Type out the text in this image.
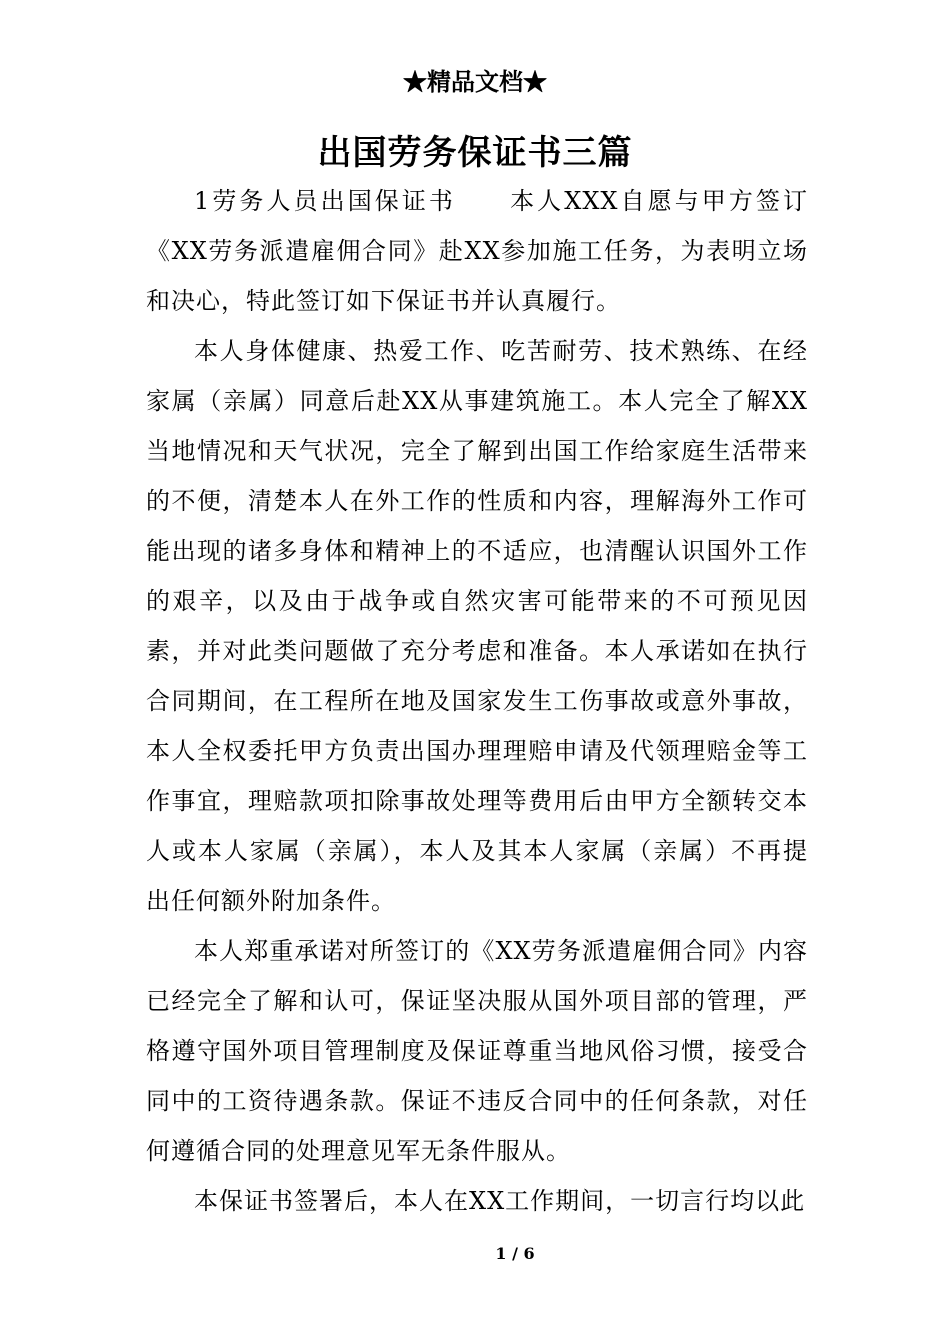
★精品文档★
出国劳务保证书三篇

1劳务人员出国保证书　　本人XXX自愿与甲方签订《XX劳务派遣雇佣合同》赴XX参加施工任务，为表明立场和决心，特此签订如下保证书并认真履行。

本人身体健康、热爱工作、吃苦耐劳、技术熟练、在经家属（亲属）同意后赴XX从事建筑施工。本人完全了解XX当地情况和天气状况，完全了解到出国工作给家庭生活带来的不便，清楚本人在外工作的性质和内容，理解海外工作可能出现的诸多身体和精神上的不适应，也清醒认识国外工作的艰辛，以及由于战争或自然灾害可能带来的不可预见因素，并对此类问题做了充分考虑和准备。本人承诺如在执行合同期间，在工程所在地及国家发生工伤事故或意外事故，本人全权委托甲方负责出国办理理赔申请及代领理赔金等工作事宜，理赔款项扣除事故处理等费用后由甲方全额转交本人或本人家属（亲属），本人及其本人家属（亲属）不再提出任何额外附加条件。

本人郑重承诺对所签订的《XX劳务派遣雇佣合同》内容已经完全了解和认可，保证坚决服从国外项目部的管理，严格遵守国外项目管理制度及保证尊重当地风俗习惯，接受合同中的工资待遇条款。保证不违反合同中的任何条款，对任何遵循合同的处理意见军无条件服从。

本保证书签署后，本人在XX工作期间，一切言行均以此

1 / 6
